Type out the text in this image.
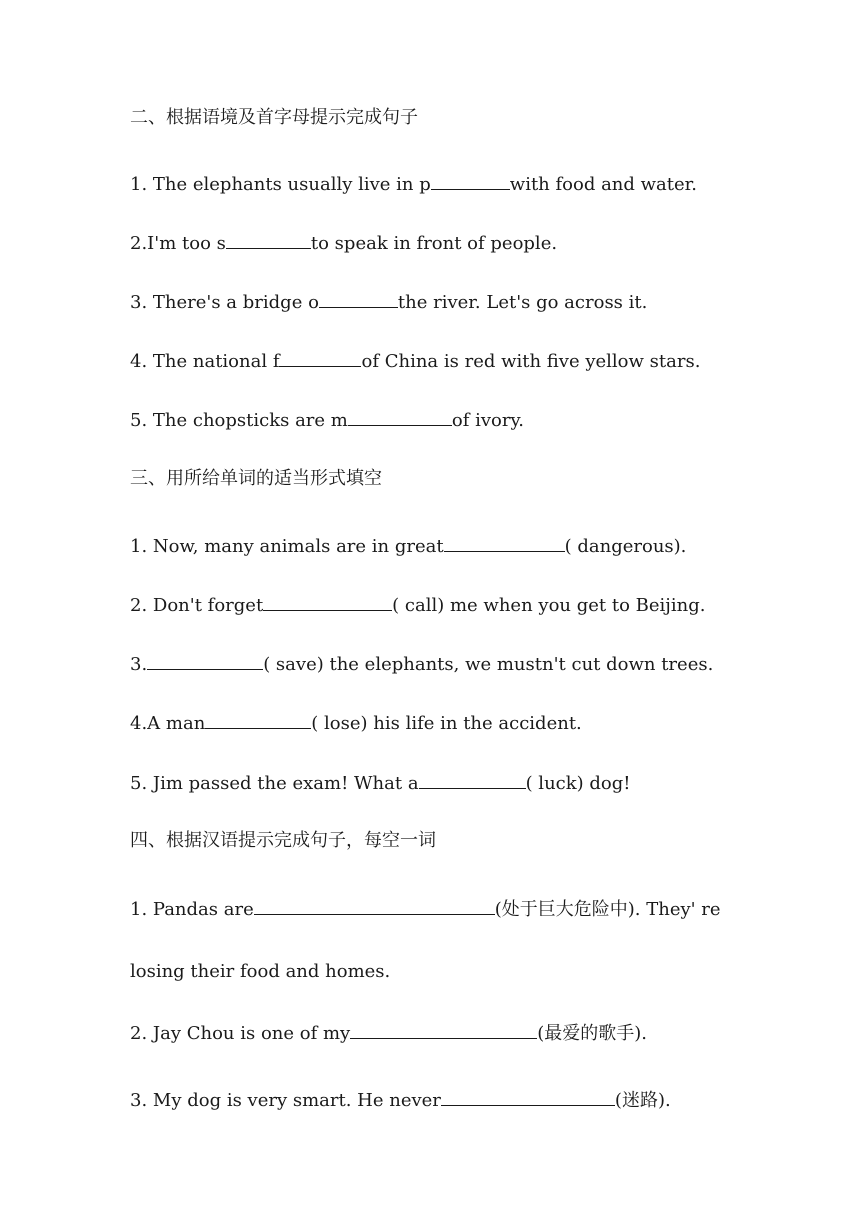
二、根据语境及首字母提示完成句子
1. The elephants usually live in p	with food and water.
2.I'm too s	to speak in front of people.
3. There's a bridge o	the river. Let's go across it.
4. The national f	of China is red with five yellow stars.
5. The chopsticks are m	of ivory.
三、用所给单词的适当形式填空
1. Now, many animals are in great	( dangerous).
2. Don't forget	( call) me when you get to Beijing.
3.	( save) the elephants, we mustn't cut down trees.
4.A man	( lose) his life in the accident.
5. Jim passed the exam! What a	( luck) dog!
四、根据汉语提示完成句子，每空一词
1. Pandas are	(处于巨大危险中). They' re
losing their food and homes.
2. Jay Chou is one of my	(最爱的歌手).
3. My dog is very smart. He never	(迷路).
